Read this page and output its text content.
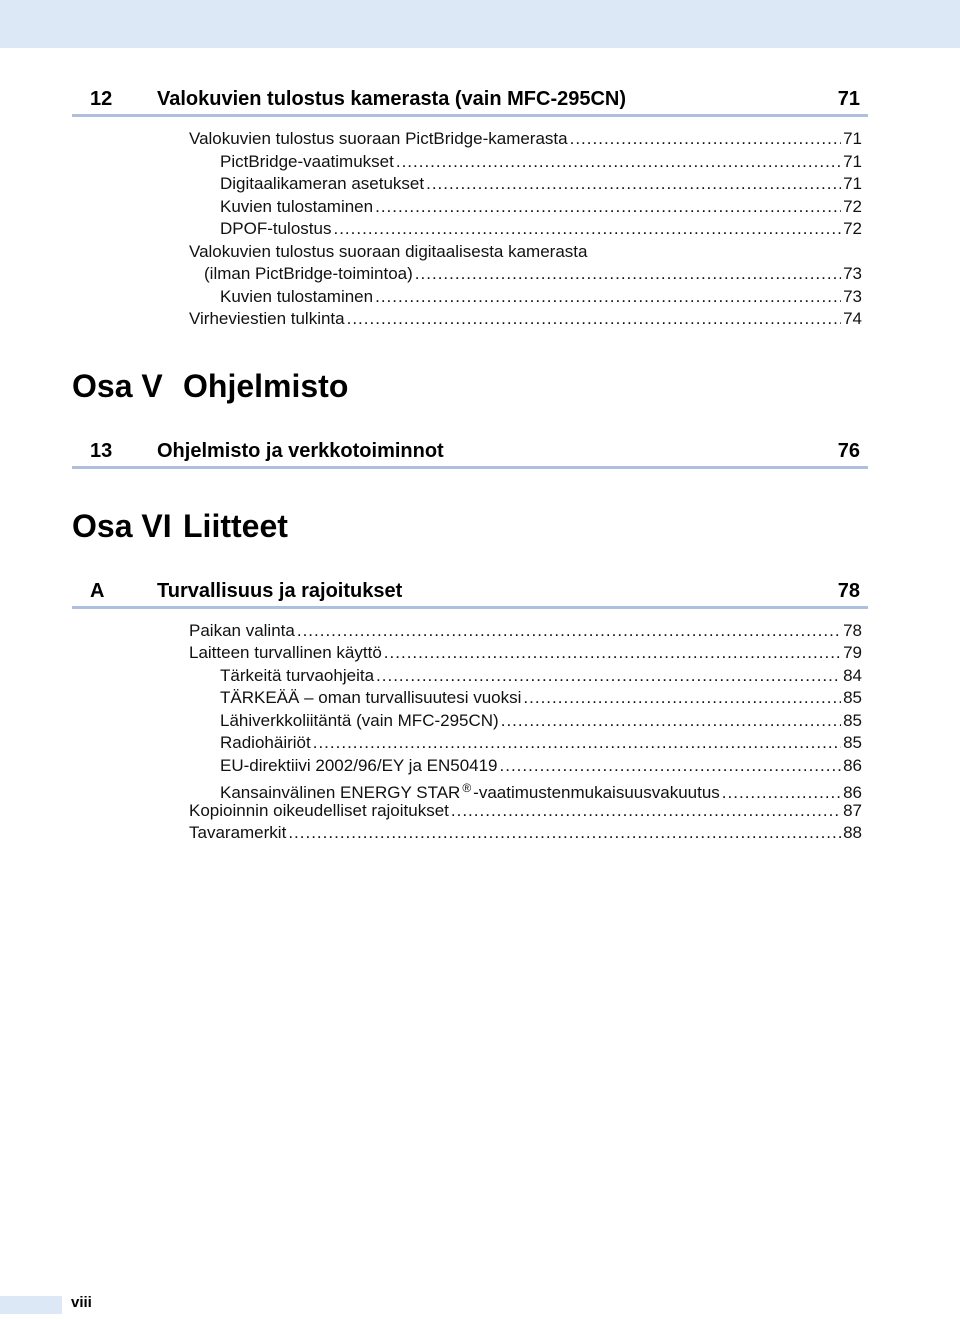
12 Valokuvien tulostus kamerasta (vain MFC-295CN)	71
Valokuvien tulostus suoraan PictBridge-kamerasta .....	71
PictBridge-vaatimukset .....	71
Digitaalikameran asetukset .....	71
Kuvien tulostaminen .....	72
DPOF-tulostus .....	72
Valokuvien tulostus suoraan digitaalisesta kamerasta
(ilman PictBridge-toimintoa) .....	73
Kuvien tulostaminen .....	73
Virheviestien tulkinta .....	74
Osa V Ohjelmisto
13 Ohjelmisto ja verkkotoiminnot	76
Osa VI Liitteet
A	Turvallisuus ja rajoitukset	78
Paikan valinta .....	78
Laitteen turvallinen käyttö .....	79
Tärkeitä turvaohjeita .....	84
TÄRKEÄÄ – oman turvallisuutesi vuoksi .....	85
Lähiverkkoliitäntä (vain MFC-295CN) .....	85
Radiohäiriöt .....	85
EU-direktiivi 2002/96/EY ja EN50419 .....	86
Kansainvälinen ENERGY STAR ® -vaatimustenmukaisuusvakuutus .....	86
Kopioinnin oikeudelliset rajoitukset .....	87
Tavaramerkit .....	88
viii
